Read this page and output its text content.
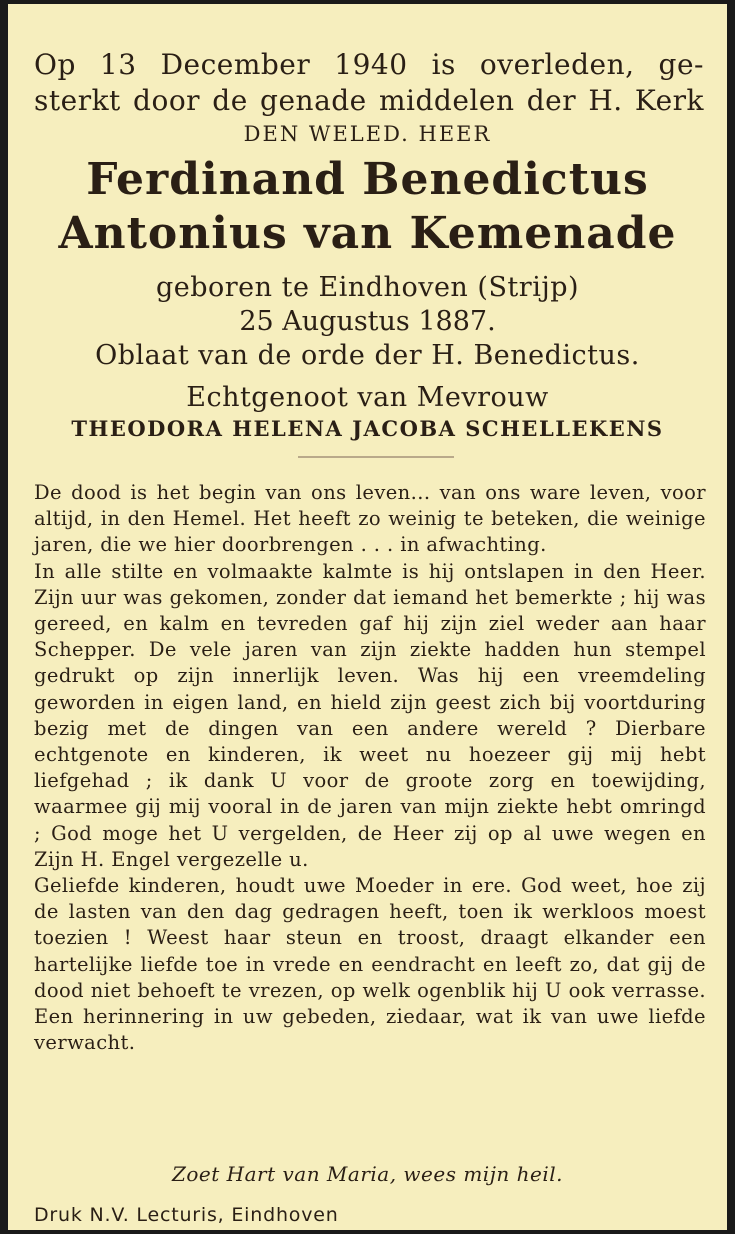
Op 13 December 1940 is overleden, ge-
sterkt door de genade middelen der H. Kerk
DEN WELED. HEER
Ferdinand Benedictus
Antonius van Kemenade
geboren te Eindhoven (Strijp)
25 Augustus 1887.
Oblaat van de orde der H. Benedictus.
Echtgenoot van Mevrouw
THEODORA HELENA JACOBA SCHELLEKENS

De dood is het begin van ons leven... van ons ware leven, voor altijd, in den Hemel. Het heeft zo weinig te beteken, die weinige jaren, die we hier doorbrengen . . . in afwachting.

In alle stilte en volmaakte kalmte is hij ontslapen in den Heer. Zijn uur was gekomen, zonder dat iemand het bemerkte ; hij was gereed, en kalm en tevreden gaf hij zijn ziel weder aan haar Schepper. De vele jaren van zijn ziekte hadden hun stempel gedrukt op zijn innerlijk leven. Was hij een vreemdeling geworden in eigen land, en hield zijn geest zich bij voortduring bezig met de dingen van een andere wereld ? Dierbare echtgenote en kinderen, ik weet nu hoezeer gij mij hebt liefgehad ; ik dank U voor de groote zorg en toewijding, waarmee gij mij vooral in de jaren van mijn ziekte hebt omringd ; God moge het U vergelden, de Heer zij op al uwe wegen en Zijn H. Engel vergezelle u.

Geliefde kinderen, houdt uwe Moeder in ere. God weet, hoe zij de lasten van den dag gedragen heeft, toen ik werkloos moest toezien ! Weest haar steun en troost, draagt elkander een hartelijke liefde toe in vrede en eendracht en leeft zo, dat gij de dood niet behoeft te vrezen, op welk ogenblik hij U ook verrasse. Een herinnering in uw gebeden, ziedaar, wat ik van uwe liefde verwacht.

Zoet Hart van Maria, wees mijn heil.
Druk N.V. Lecturis, Eindhoven
